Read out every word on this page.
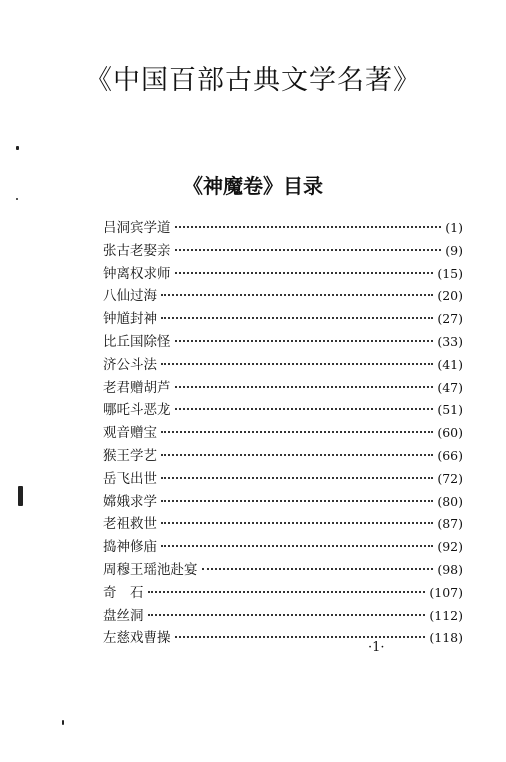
《中国百部古典文学名著》
《神魔卷》目录
吕洞宾学道	(1)
张古老娶亲	(9)
钟离权求师	(15)
八仙过海	(20)
钟馗封神	(27)
比丘国除怪	(33)
济公斗法	(41)
老君赠胡芦	(47)
哪吒斗恶龙	(51)
观音赠宝	(60)
猴王学艺	(66)
岳飞出世	(72)
嫦娥求学	(80)
老祖救世	(87)
捣神修庙	(92)
周穆王瑶池赴宴	(98)
奇　石	(107)
盘丝洞	(112)
左慈戏曹操	(118)
·1·
